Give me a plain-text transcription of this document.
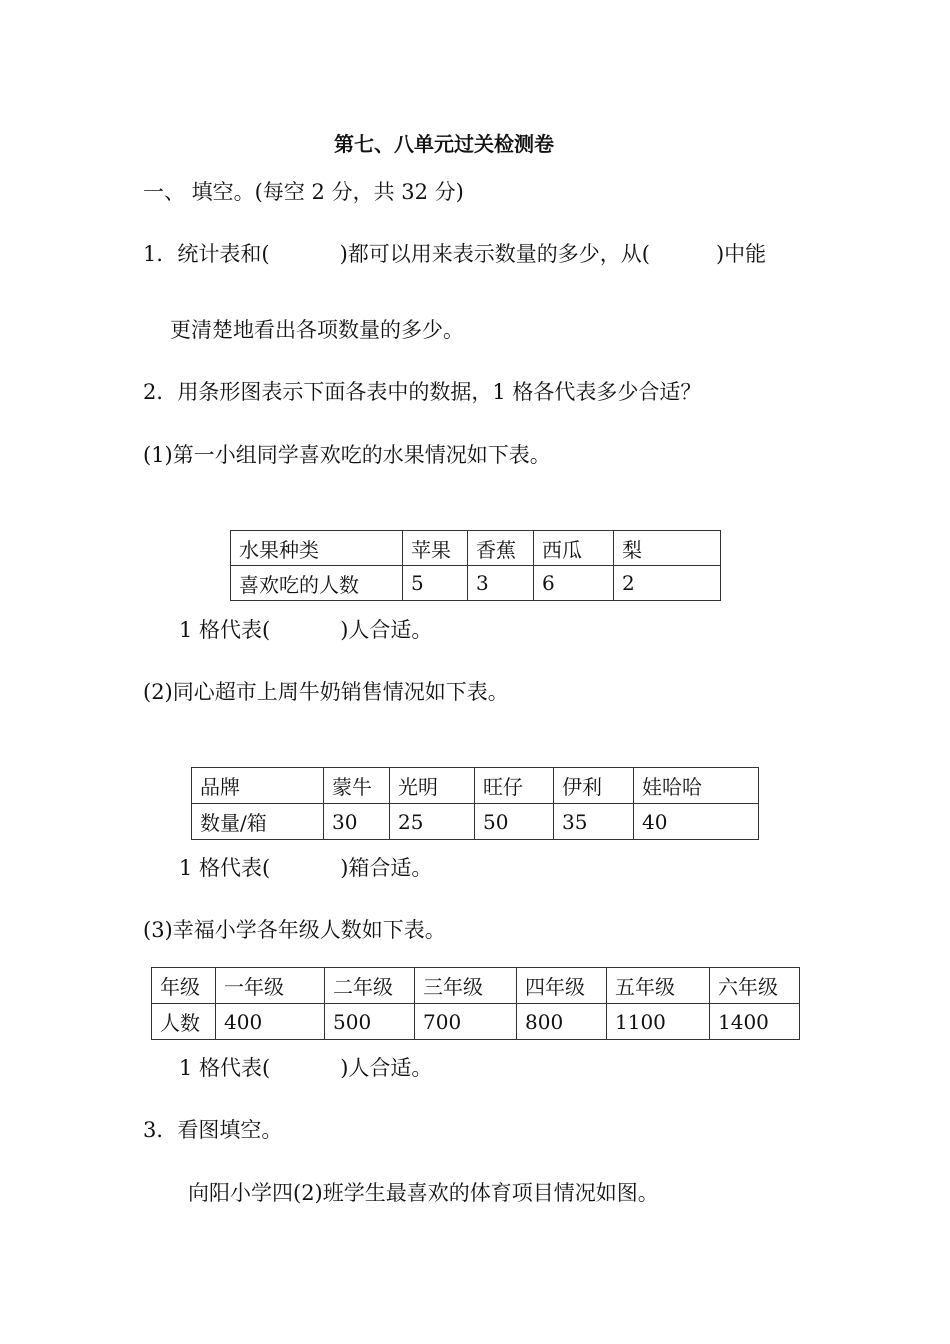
第七、八单元过关检测卷
一、 填空。(每空 2 分，共 32 分)
1．统计表和(	)都可以用来表示数量的多少，从(	)中能
更清楚地看出各项数量的多少。
2．用条形图表示下面各表中的数据，1 格各代表多少合适？
(1)第一小组同学喜欢吃的水果情况如下表。
水果种类	苹果	香蕉	西瓜	梨
喜欢吃的人数	5	3	6	2
1 格代表(	)人合适。
(2)同心超市上周牛奶销售情况如下表。
品牌	蒙牛	光明	旺仔	伊利	娃哈哈
数量/箱	30	25	50	35	40
1 格代表(	)箱合适。
(3)幸福小学各年级人数如下表。
年级	一年级	二年级	三年级	四年级	五年级	六年级
人数	400	500	700	800	1100	1400
1 格代表(	)人合适。
3．看图填空。
向阳小学四(2)班学生最喜欢的体育项目情况如图。
